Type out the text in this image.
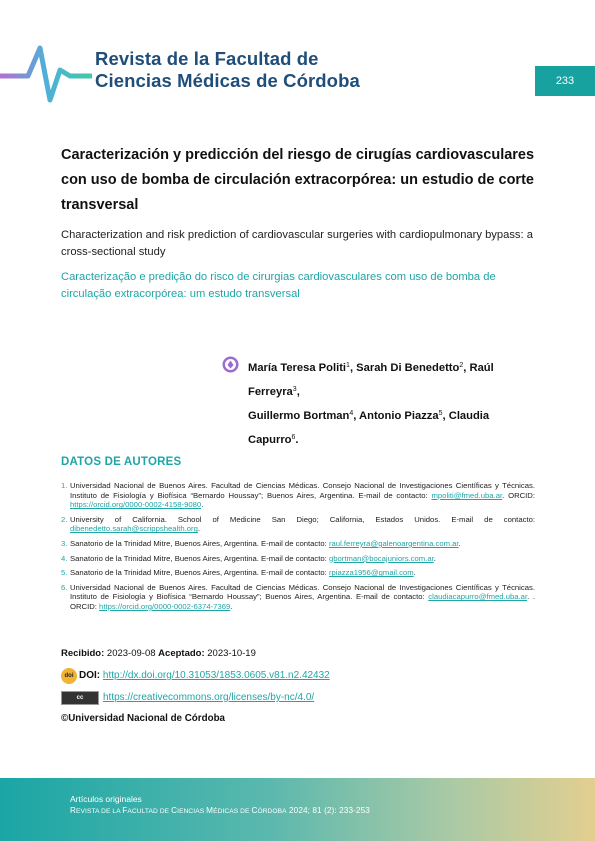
Revista de la Facultad de
Ciencias Médicas de Córdoba	233
Caracterización y predicción del riesgo de cirugías cardiovasculares con uso de bomba de circulación extracorpórea: un estudio de corte transversal
Characterization and risk prediction of cardiovascular surgeries with cardiopulmonary bypass: a cross-sectional study
Caracterização e predição do risco de cirurgias cardiovasculares com uso de bomba de circulação extracorpórea: um estudo transversal
María Teresa Politi$^1$, Sarah Di Benedetto$^2$, Raúl Ferreyra$^3$,
Guillermo Bortman$^4$, Antonio Piazza$^5$, Claudia Capurro$^6$.
DATOS DE AUTORES
1. Universidad Nacional de Buenos Aires. Facultad de Ciencias Médicas. Consejo Nacional de Investigaciones Científicas y Técnicas. Instituto de Fisiología y Biofísica “Bernardo Houssay”; Buenos Aires, Argentina. E-mail de contacto: mpoliti@fmed.uba.ar. ORCID: https://orcid.org/0000-0002-4158-9080.
2. University of California. School of Medicine San Diego; California, Estados Unidos. E-mail de contacto: dibenedetto.sarah@scrippshealth.org.
3. Sanatorio de la Trinidad Mitre, Buenos Aires, Argentina. E-mail de contacto: raul.ferreyra@galenoargentina.com.ar.
4. Sanatorio de la Trinidad Mitre, Buenos Aires, Argentina. E-mail de contacto: gbortman@bocajuniors.com.ar.
5. Sanatorio de la Trinidad Mitre, Buenos Aires, Argentina. E-mail de contacto: rpiazza1956@gmail.com.
6. Universidad Nacional de Buenos Aires. Facultad de Ciencias Médicas. Consejo Nacional de Investigaciones Científicas y Técnicas. Instituto de Fisiología y Biofísica “Bernardo Houssay”; Buenos Aires, Argentina. E-mail de contacto: claudiacapurro@fmed.uba.ar. . ORCID: https://orcid.org/0000-0002-6374-7369.
Recibido: 2023-09-08 Aceptado: 2023-10-19
doi DOI: http://dx.doi.org/10.31053/1853.0605.v81.n2.42432
cc https://creativecommons.org/licenses/by-nc/4.0/
©Universidad Nacional de Córdoba
Artículos originales
REVISTA DE LA FACULTAD DE CIENCIAS MÉDICAS DE CÓRDOBA 2024; 81 (2): 233-253
